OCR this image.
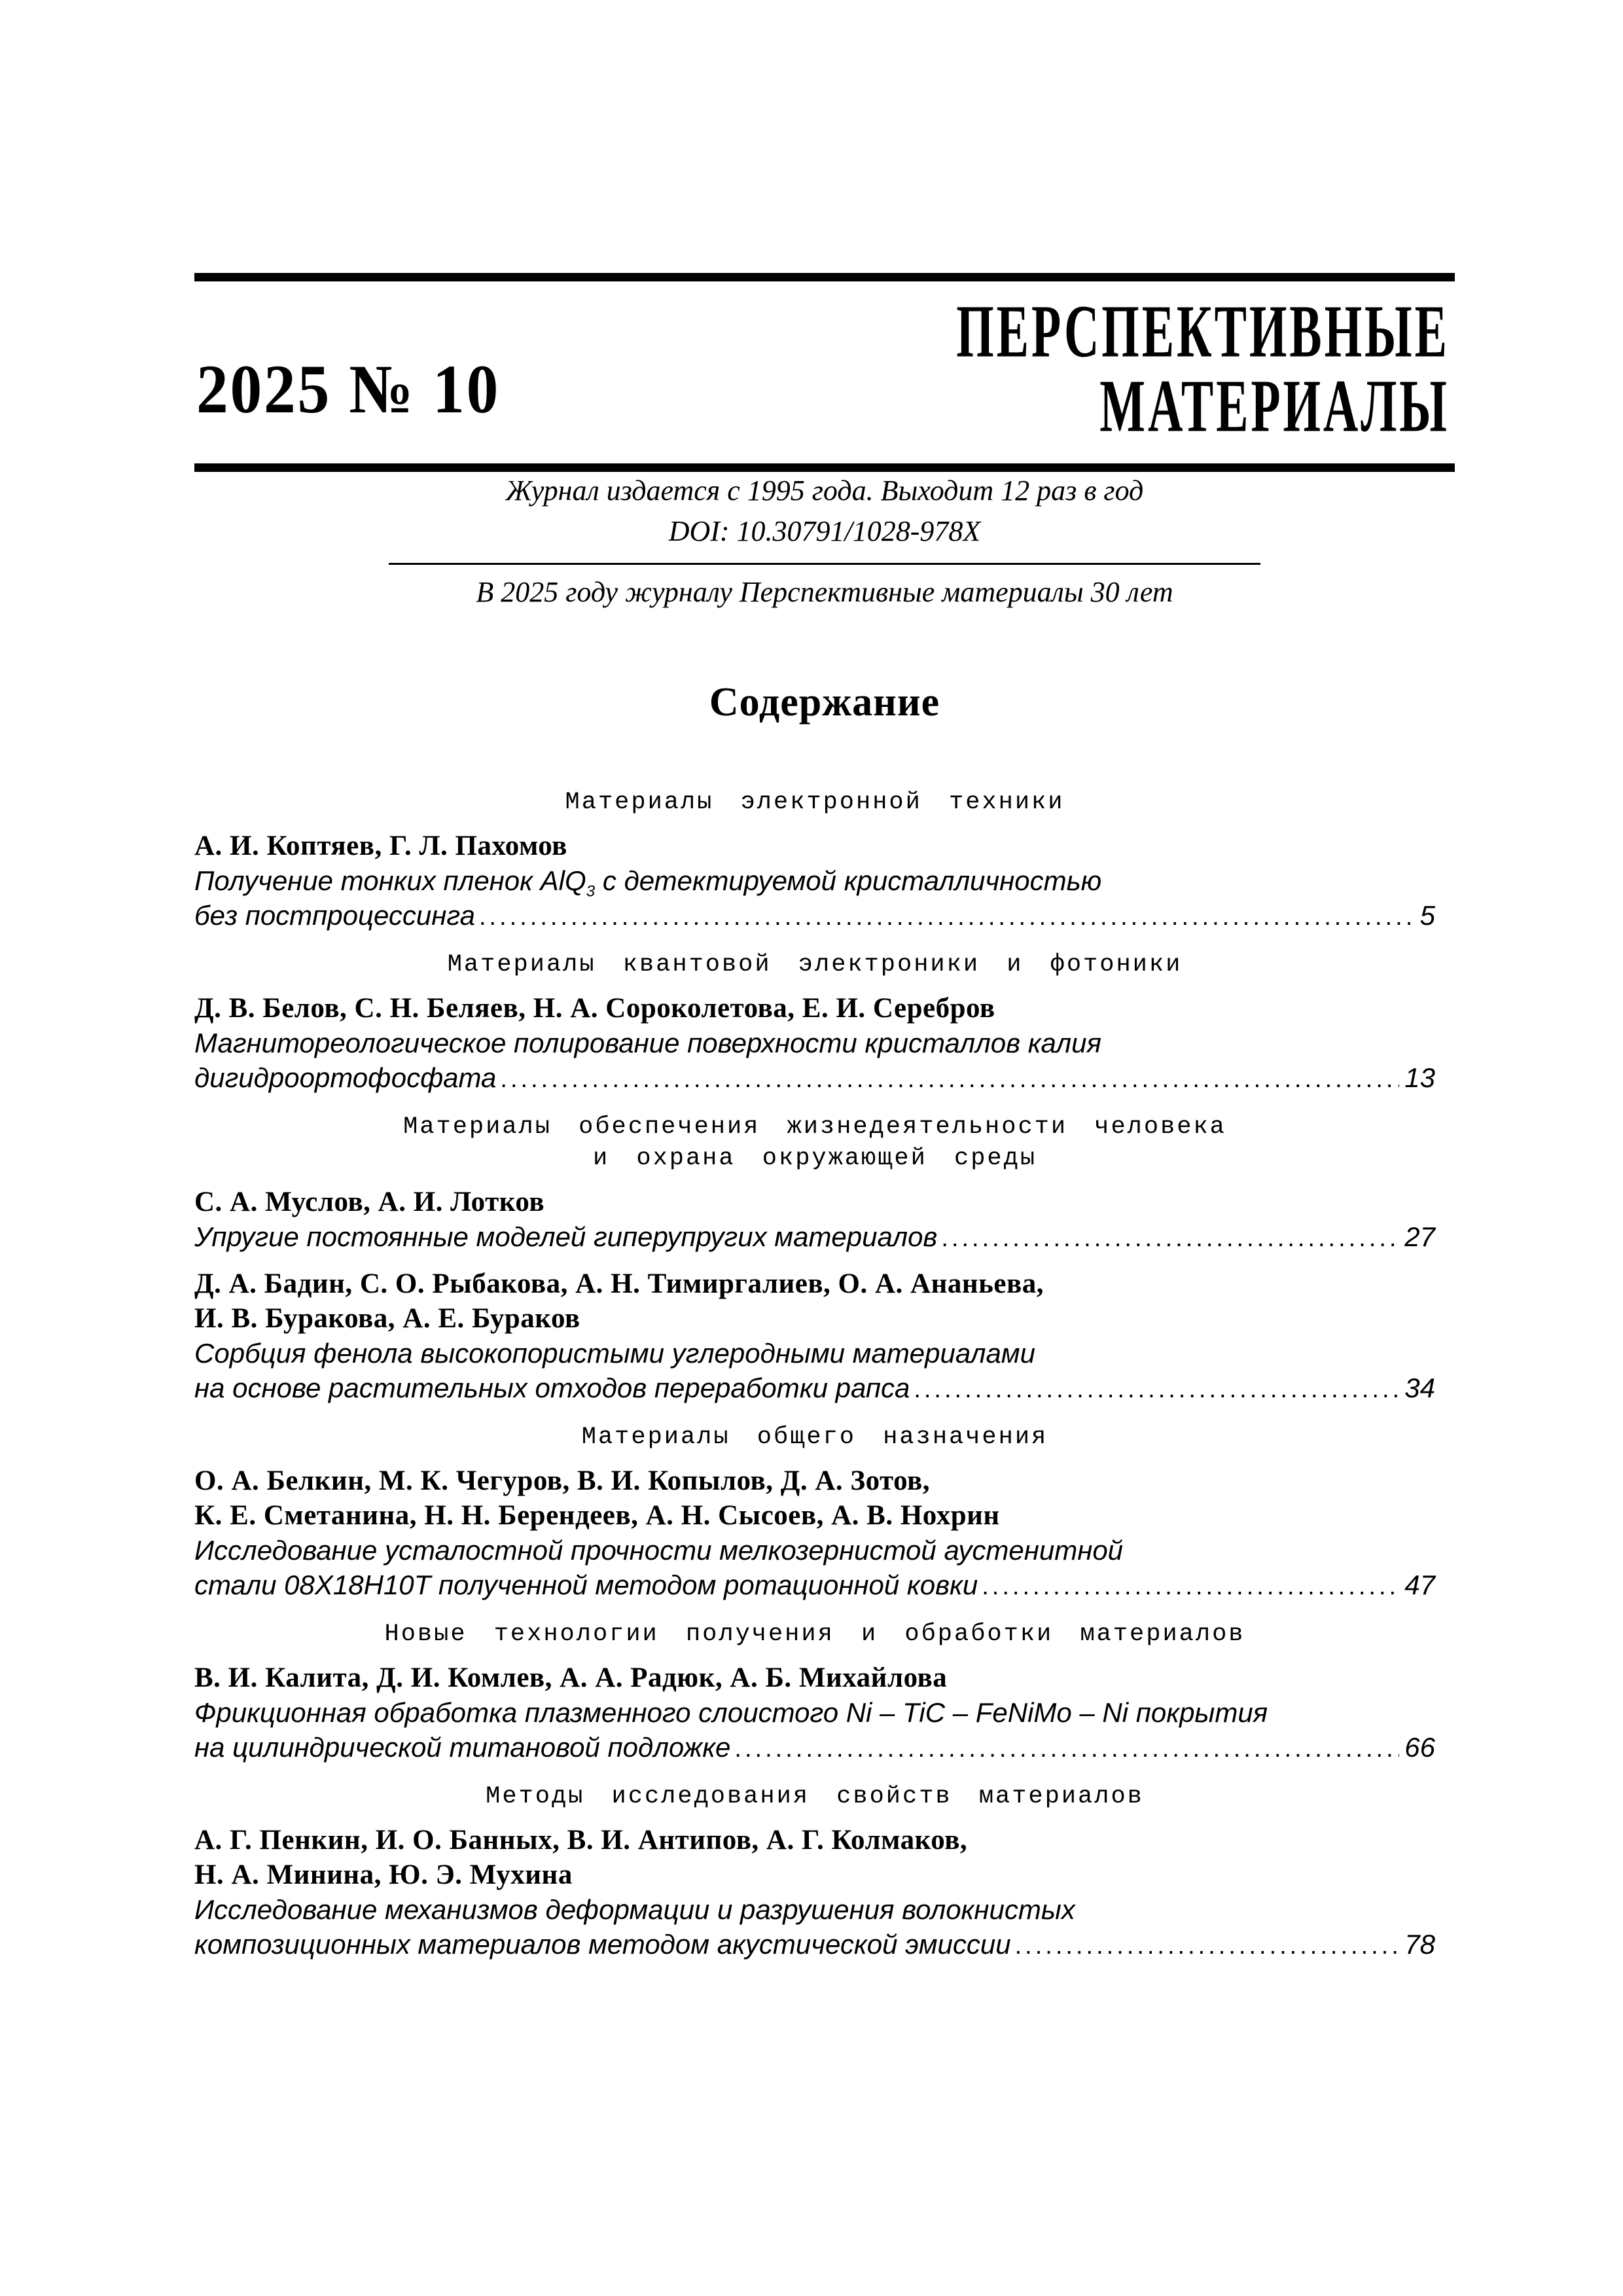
2025 № 10
ПЕРСПЕКТИВНЫЕ
МАТЕРИАЛЫ
Журнал издается с 1995 года. Выходит 12 раз в год
DOI: 10.30791/1028-978X
В 2025 году журналу Перспективные материалы 30 лет
Содержание
Материалы электронной техники
А. И. Коптяев, Г. Л. Пахомов
Получение тонких пленок AlQ$_3$ с детектируемой кристалличностью
без постпроцессинга .....	5
Материалы квантовой электроники и фотоники
Д. В. Белов, С. Н. Беляев, Н. А. Сороколетова, Е. И. Серебров
Магнитореологическое полирование поверхности кристаллов калия
дигидроортофосфата .....	13
Материалы обеспечения жизнедеятельности человека
и охрана окружающей среды
С. А. Муслов, А. И. Лотков
Упругие постоянные моделей гиперупругих материалов .....	27
Д. А. Бадин, С. О. Рыбакова, А. Н. Тимиргалиев, О. А. Ананьева,
И. В. Буракова, А. Е. Бураков
Сорбция фенола высокопористыми углеродными материалами
на основе растительных отходов переработки рапса .....	34
Материалы общего назначения
О. А. Белкин, М. К. Чегуров, В. И. Копылов, Д. А. Зотов,
К. Е. Сметанина, Н. Н. Берендеев, А. Н. Сысоев, А. В. Нохрин
Исследование усталостной прочности мелкозернистой аустенитной
стали 08Х18Н10Т полученной методом ротационной ковки .....	47
Новые технологии получения и обработки материалов
В. И. Калита, Д. И. Комлев, А. А. Радюк, А. Б. Михайлова
Фрикционная обработка плазменного слоистого Ni – TiC – FeNiMo – Ni покрытия
на цилиндрической титановой подложке .....	66
Методы исследования свойств материалов
А. Г. Пенкин, И. О. Банных, В. И. Антипов, А. Г. Колмаков,
Н. А. Минина, Ю. Э. Мухина
Исследование механизмов деформации и разрушения волокнистых
композиционных материалов методом акустической эмиссии .....	78
